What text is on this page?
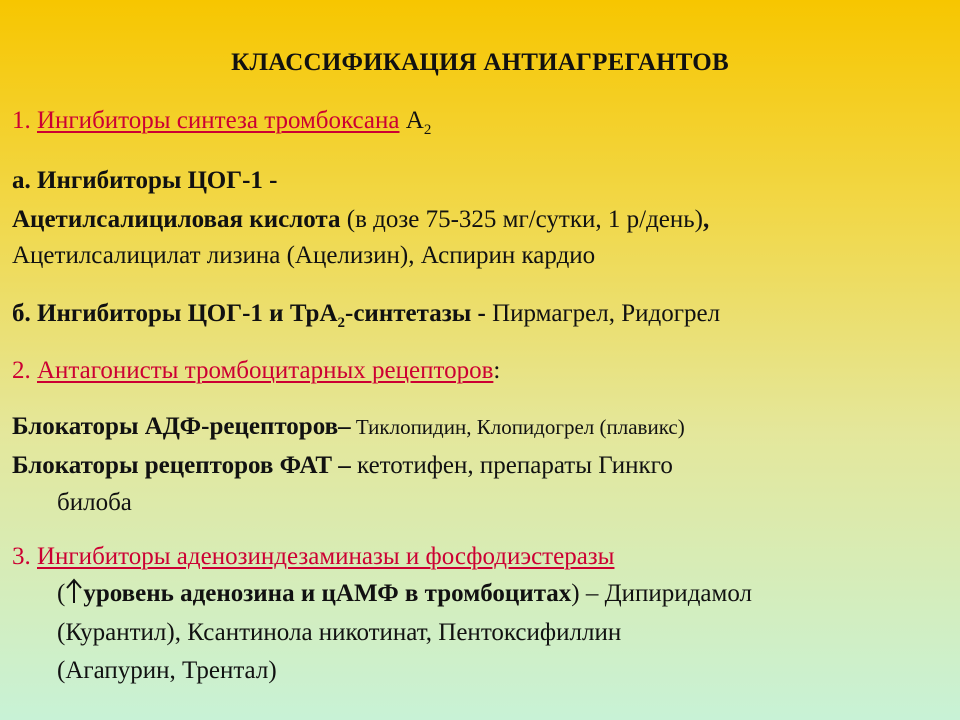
КЛАССИФИКАЦИЯ АНТИАГРЕГАНТОВ
1. Ингибиторы синтеза тромбоксана $А_2$
а. Ингибиторы ЦОГ-1 -
Ацетилсалициловая кислота (в дозе 75-325 мг/сутки, 1 р/день),
Ацетилсалицилат лизина (Ацелизин), Аспирин кардио
б. Ингибиторы ЦОГ-1 и ТрА$_2$-синтетазы - Пирмагрел, Ридогрел
2. Антагонисты тромбоцитарных рецепторов:
Блокаторы АДФ-рецепторов– Тиклопидин, Клопидогрел (плавикс)
Блокаторы рецепторов ФАТ – кетотифен, препараты Гинкго
билоба
3. Ингибиторы аденозиндезаминазы и фосфодиэстеразы
( уровень аденозина и цАМФ в тромбоцитах) – Дипиридамол
(Курантил), Ксантинола никотинат, Пентоксифиллин
(Агапурин, Трентал)
